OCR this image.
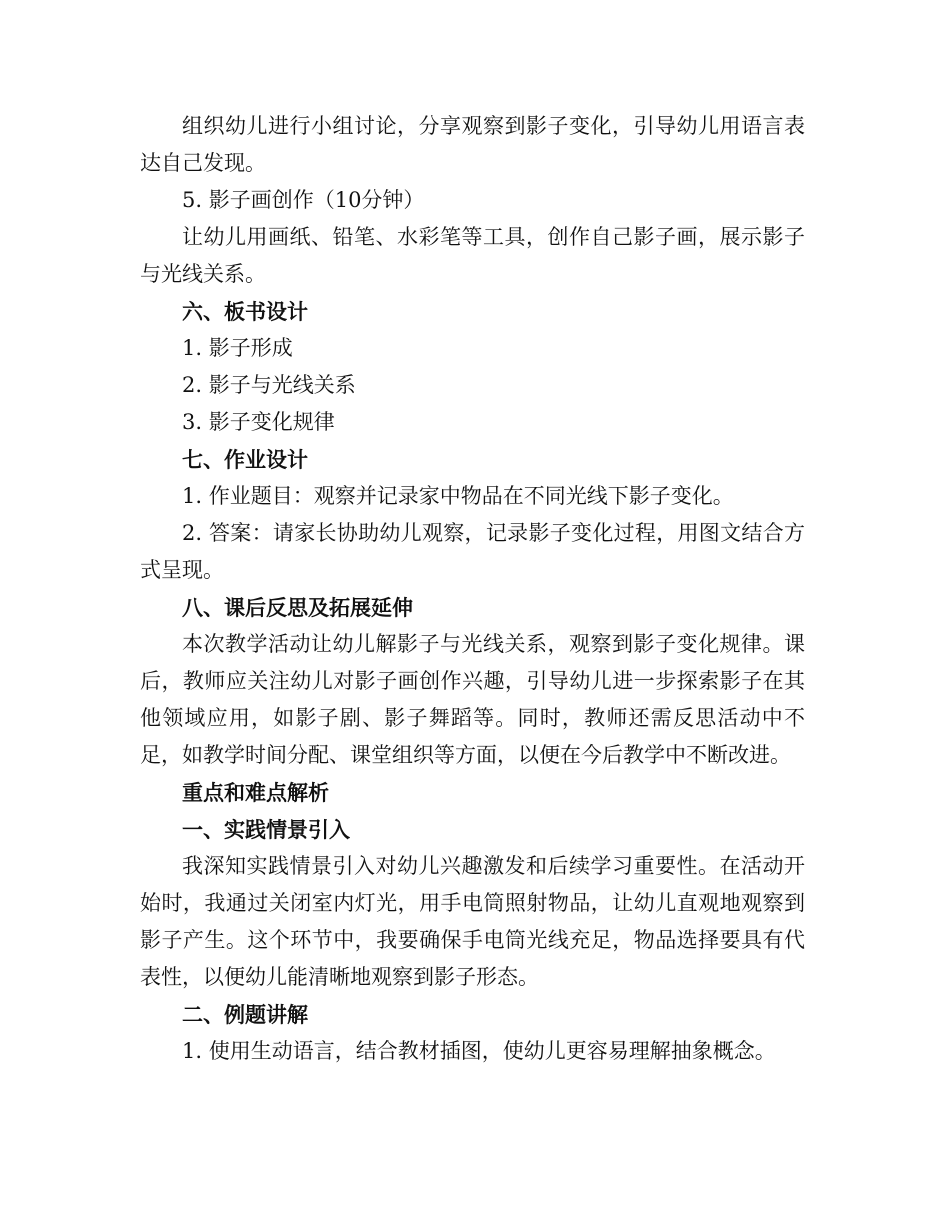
组织幼儿进行小组讨论，分享观察到影子变化，引导幼儿用语言表达自己发现。

5. 影子画创作（10分钟）

让幼儿用画纸、铅笔、水彩笔等工具，创作自己影子画，展示影子与光线关系。

六、板书设计

1. 影子形成

2. 影子与光线关系

3. 影子变化规律

七、作业设计

1. 作业题目：观察并记录家中物品在不同光线下影子变化。

2. 答案：请家长协助幼儿观察，记录影子变化过程，用图文结合方式呈现。

八、课后反思及拓展延伸

本次教学活动让幼儿解影子与光线关系，观察到影子变化规律。课后，教师应关注幼儿对影子画创作兴趣，引导幼儿进一步探索影子在其他领域应用，如影子剧、影子舞蹈等。同时，教师还需反思活动中不足，如教学时间分配、课堂组织等方面，以便在今后教学中不断改进。

重点和难点解析

一、实践情景引入

我深知实践情景引入对幼儿兴趣激发和后续学习重要性。在活动开始时，我通过关闭室内灯光，用手电筒照射物品，让幼儿直观地观察到影子产生。这个环节中，我要确保手电筒光线充足，物品选择要具有代表性，以便幼儿能清晰地观察到影子形态。

二、例题讲解

1. 使用生动语言，结合教材插图，使幼儿更容易理解抽象概念。
